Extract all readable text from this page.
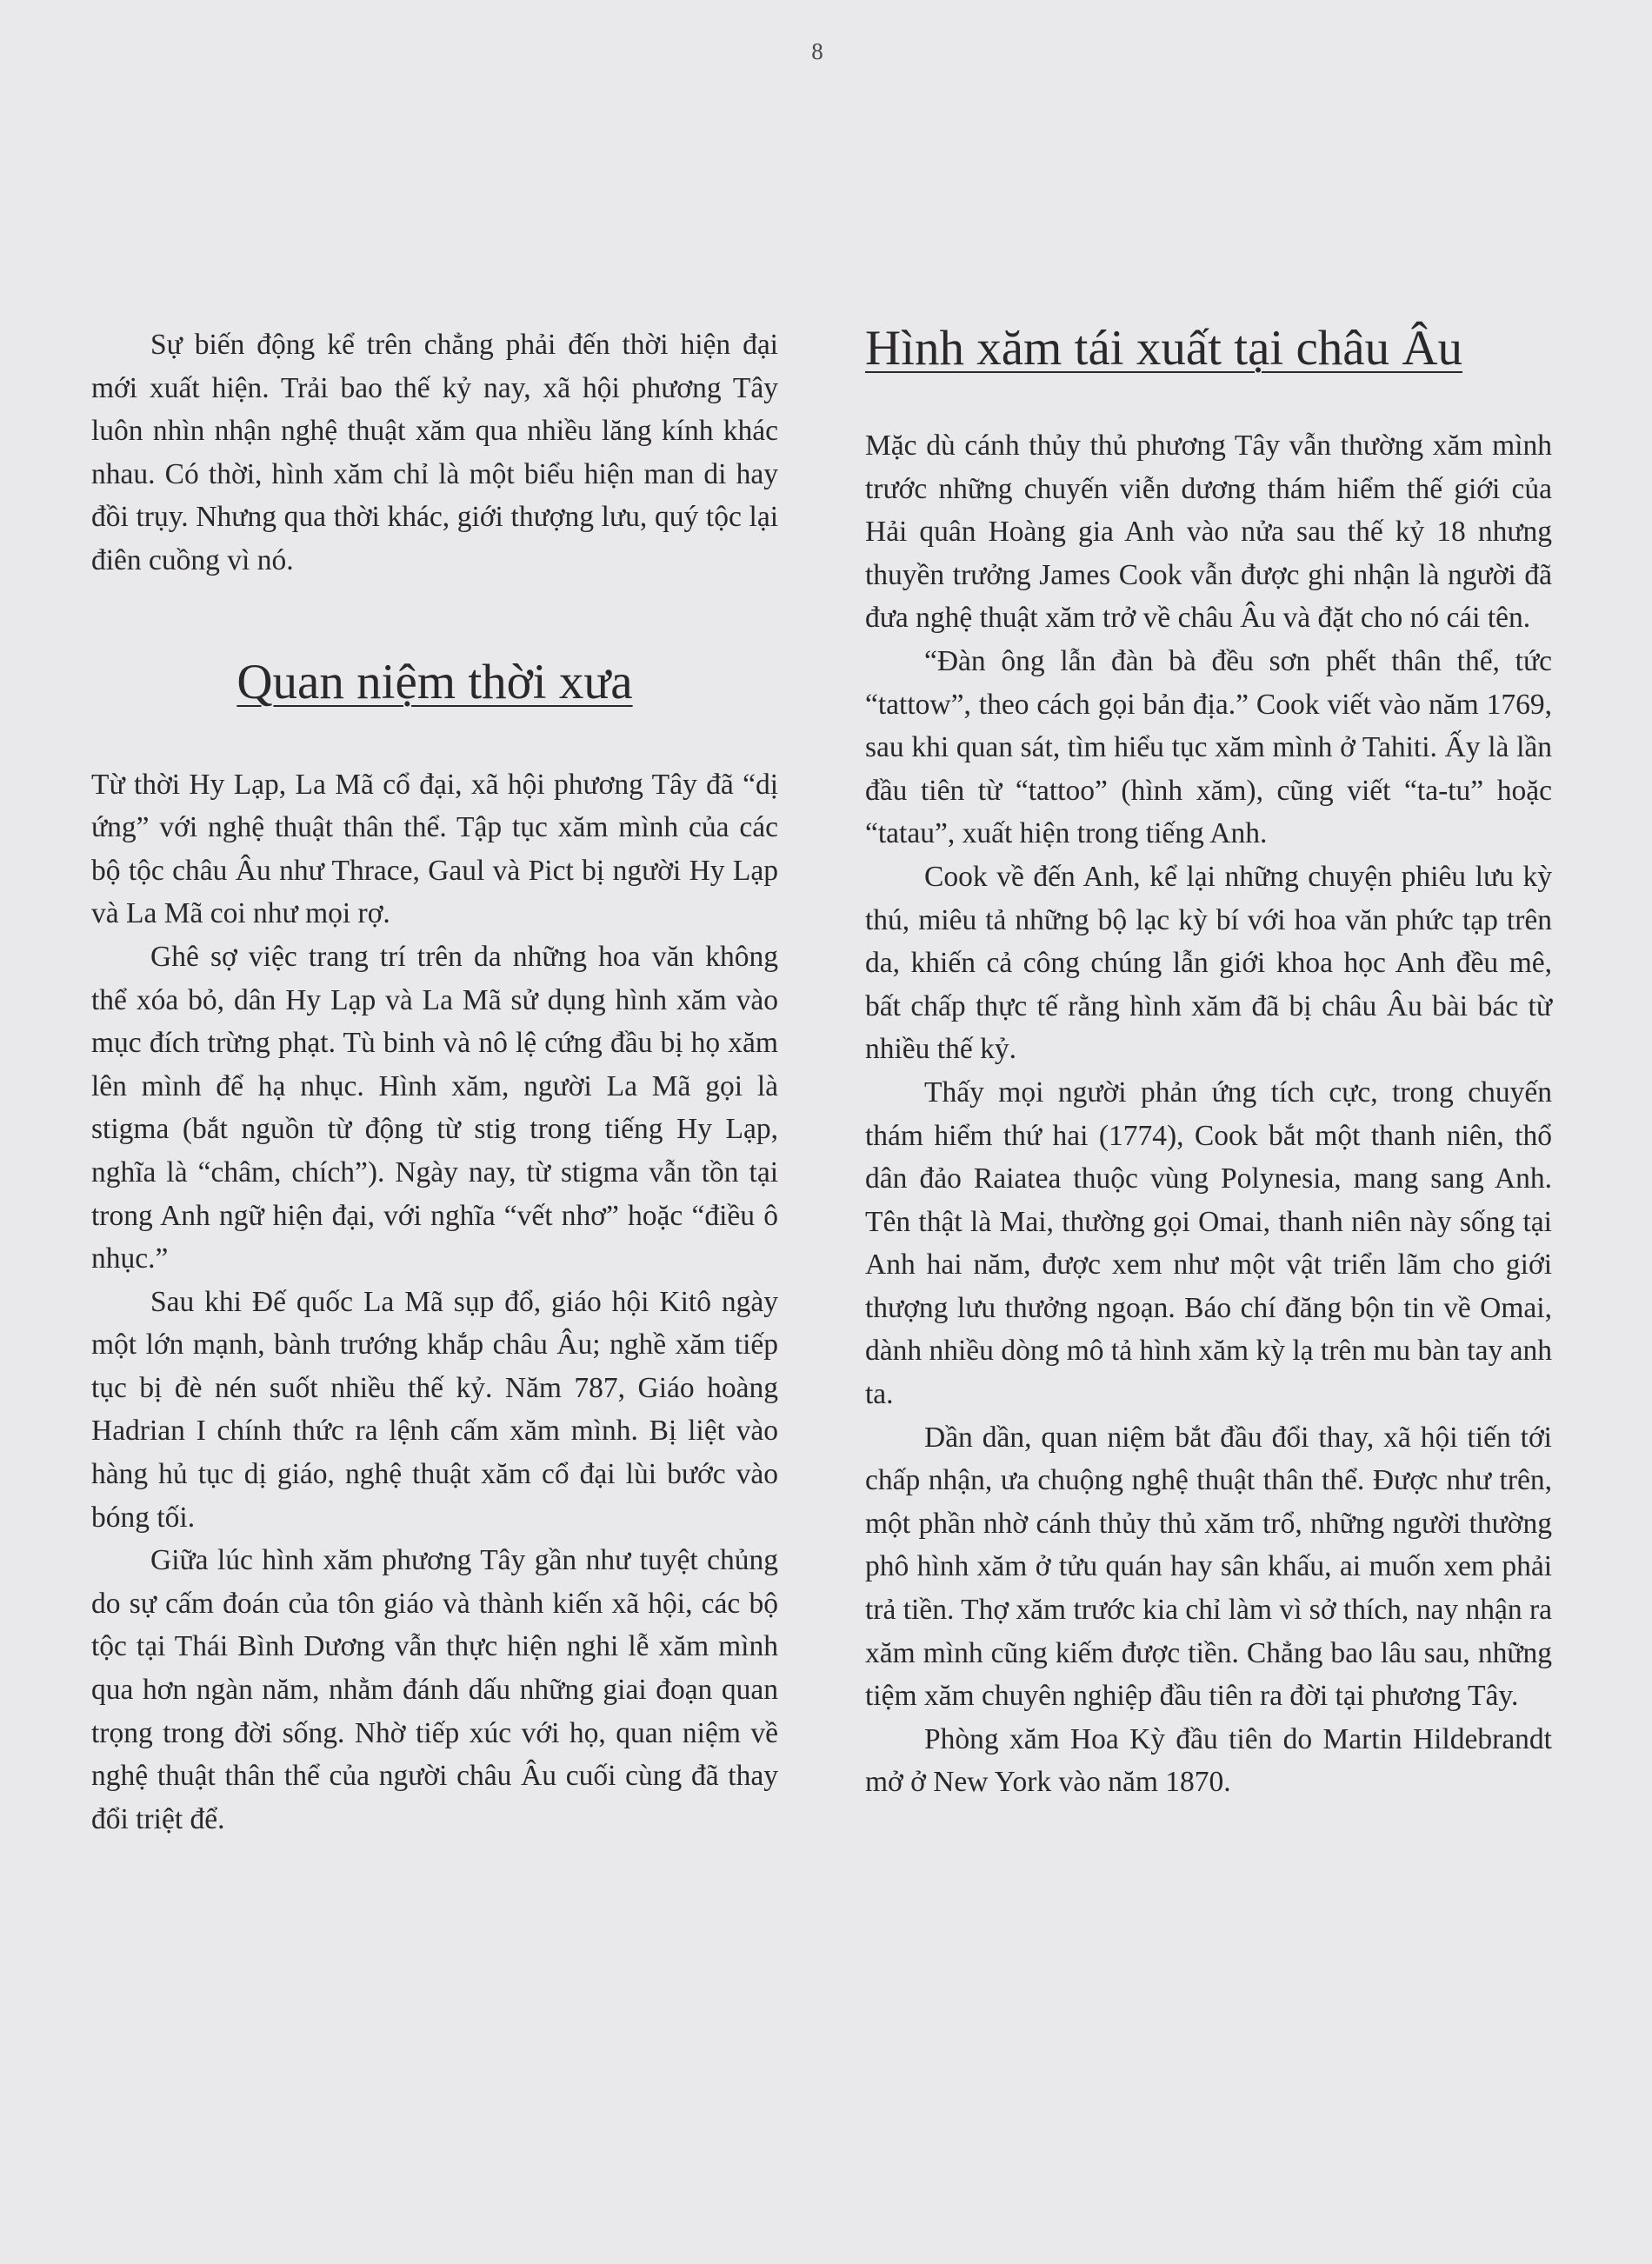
8

Sự biến động kể trên chẳng phải đến thời hiện đại mới xuất hiện. Trải bao thế kỷ nay, xã hội phương Tây luôn nhìn nhận nghệ thuật xăm qua nhiều lăng kính khác nhau. Có thời, hình xăm chỉ là một biểu hiện man di hay đồi trụy. Nhưng qua thời khác, giới thượng lưu, quý tộc lại điên cuồng vì nó.

Quan niệm thời xưa

Từ thời Hy Lạp, La Mã cổ đại, xã hội phương Tây đã “dị ứng” với nghệ thuật thân thể. Tập tục xăm mình của các bộ tộc châu Âu như Thrace, Gaul và Pict bị người Hy Lạp và La Mã coi như mọi rợ.

Ghê sợ việc trang trí trên da những hoa văn không thể xóa bỏ, dân Hy Lạp và La Mã sử dụng hình xăm vào mục đích trừng phạt. Tù binh và nô lệ cứng đầu bị họ xăm lên mình để hạ nhục. Hình xăm, người La Mã gọi là stigma (bắt nguồn từ động từ stig trong tiếng Hy Lạp, nghĩa là “châm, chích”). Ngày nay, từ stigma vẫn tồn tại trong Anh ngữ hiện đại, với nghĩa “vết nhơ” hoặc “điều ô nhục.”

Sau khi Đế quốc La Mã sụp đổ, giáo hội Kitô ngày một lớn mạnh, bành trướng khắp châu Âu; nghề xăm tiếp tục bị đè nén suốt nhiều thế kỷ. Năm 787, Giáo hoàng Hadrian I chính thức ra lệnh cấm xăm mình. Bị liệt vào hàng hủ tục dị giáo, nghệ thuật xăm cổ đại lùi bước vào bóng tối.

Giữa lúc hình xăm phương Tây gần như tuyệt chủng do sự cấm đoán của tôn giáo và thành kiến xã hội, các bộ tộc tại Thái Bình Dương vẫn thực hiện nghi lễ xăm mình qua hơn ngàn năm, nhằm đánh dấu những giai đoạn quan trọng trong đời sống. Nhờ tiếp xúc với họ, quan niệm về nghệ thuật thân thể của người châu Âu cuối cùng đã thay đổi triệt để.

Hình xăm tái xuất tại châu Âu

Mặc dù cánh thủy thủ phương Tây vẫn thường xăm mình trước những chuyến viễn dương thám hiểm thế giới của Hải quân Hoàng gia Anh vào nửa sau thế kỷ 18 nhưng thuyền trưởng James Cook vẫn được ghi nhận là người đã đưa nghệ thuật xăm trở về châu Âu và đặt cho nó cái tên.

“Đàn ông lẫn đàn bà đều sơn phết thân thể, tức “tattow”, theo cách gọi bản địa.” Cook viết vào năm 1769, sau khi quan sát, tìm hiểu tục xăm mình ở Tahiti. Ấy là lần đầu tiên từ “tattoo” (hình xăm), cũng viết “ta-tu” hoặc “tatau”, xuất hiện trong tiếng Anh.

Cook về đến Anh, kể lại những chuyện phiêu lưu kỳ thú, miêu tả những bộ lạc kỳ bí với hoa văn phức tạp trên da, khiến cả công chúng lẫn giới khoa học Anh đều mê, bất chấp thực tế rằng hình xăm đã bị châu Âu bài bác từ nhiều thế kỷ.

Thấy mọi người phản ứng tích cực, trong chuyến thám hiểm thứ hai (1774), Cook bắt một thanh niên, thổ dân đảo Raiatea thuộc vùng Polynesia, mang sang Anh. Tên thật là Mai, thường gọi Omai, thanh niên này sống tại Anh hai năm, được xem như một vật triển lãm cho giới thượng lưu thưởng ngoạn. Báo chí đăng bộn tin về Omai, dành nhiều dòng mô tả hình xăm kỳ lạ trên mu bàn tay anh ta.

Dần dần, quan niệm bắt đầu đổi thay, xã hội tiến tới chấp nhận, ưa chuộng nghệ thuật thân thể. Được như trên, một phần nhờ cánh thủy thủ xăm trổ, những người thường phô hình xăm ở tửu quán hay sân khấu, ai muốn xem phải trả tiền. Thợ xăm trước kia chỉ làm vì sở thích, nay nhận ra xăm mình cũng kiếm được tiền. Chẳng bao lâu sau, những tiệm xăm chuyên nghiệp đầu tiên ra đời tại phương Tây.

Phòng xăm Hoa Kỳ đầu tiên do Martin Hildebrandt mở ở New York vào năm 1870.
